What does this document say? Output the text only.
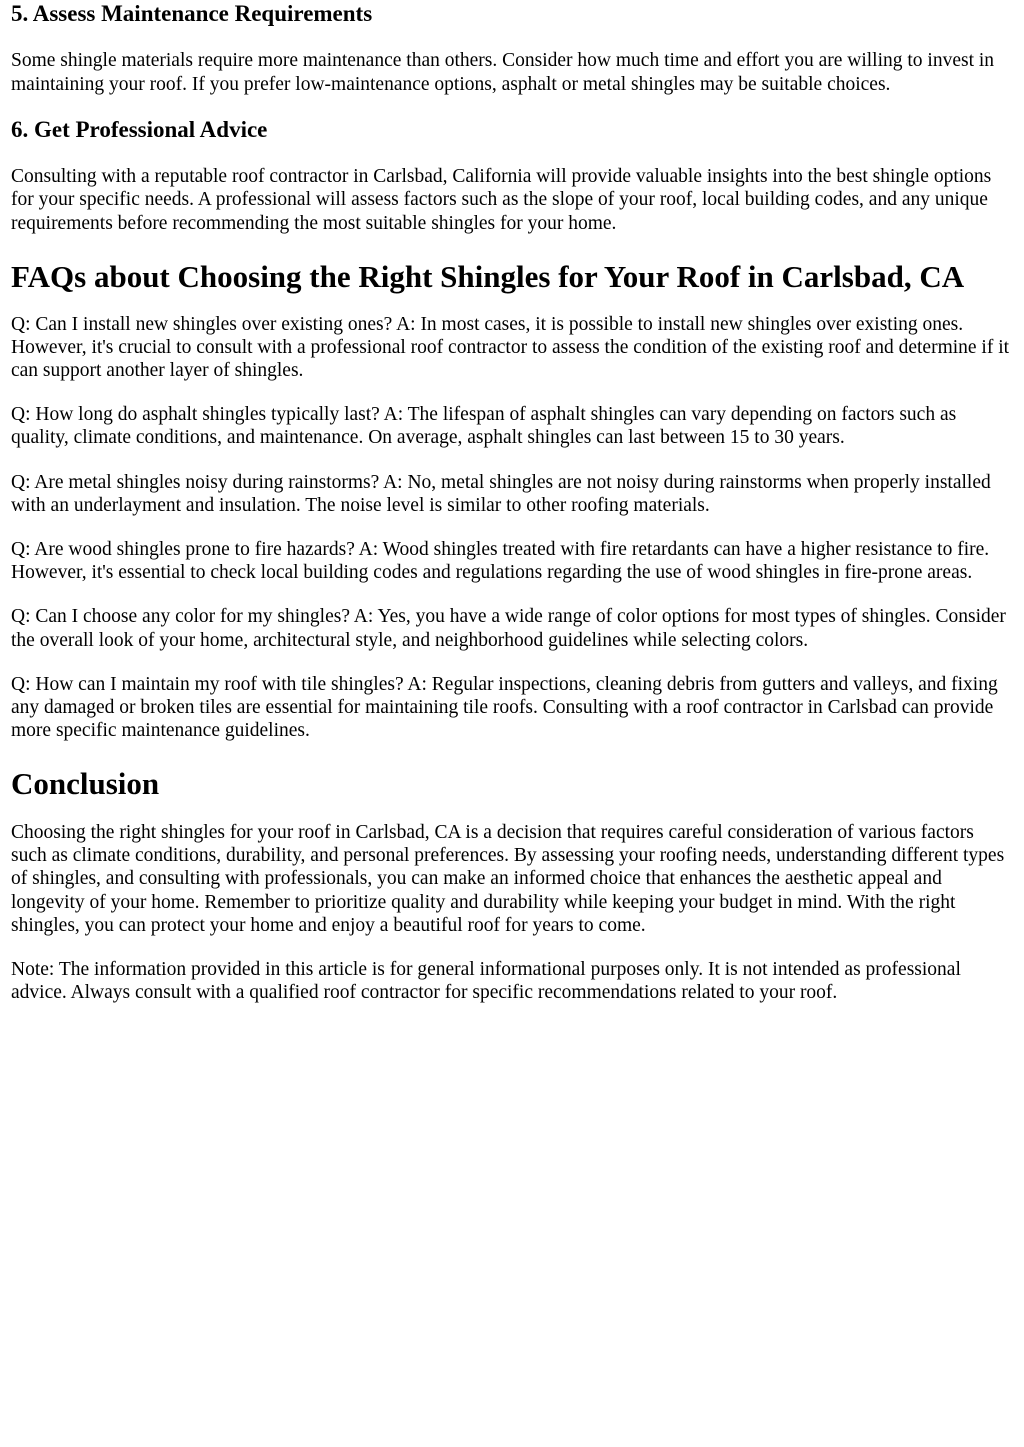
5. Assess Maintenance Requirements

Some shingle materials require more maintenance than others. Consider how much time and effort you are willing to invest in maintaining your roof. If you prefer low-maintenance options, asphalt or metal shingles may be suitable choices.

6. Get Professional Advice

Consulting with a reputable roof contractor in Carlsbad, California will provide valuable insights into the best shingle options for your specific needs. A professional will assess factors such as the slope of your roof, local building codes, and any unique requirements before recommending the most suitable shingles for your home.

FAQs about Choosing the Right Shingles for Your Roof in Carlsbad, CA

Q: Can I install new shingles over existing ones? A: In most cases, it is possible to install new shingles over existing ones. However, it's crucial to consult with a professional roof contractor to assess the condition of the existing roof and determine if it can support another layer of shingles.

Q: How long do asphalt shingles typically last? A: The lifespan of asphalt shingles can vary depending on factors such as quality, climate conditions, and maintenance. On average, asphalt shingles can last between 15 to 30 years.

Q: Are metal shingles noisy during rainstorms? A: No, metal shingles are not noisy during rainstorms when properly installed with an underlayment and insulation. The noise level is similar to other roofing materials.

Q: Are wood shingles prone to fire hazards? A: Wood shingles treated with fire retardants can have a higher resistance to fire. However, it's essential to check local building codes and regulations regarding the use of wood shingles in fire-prone areas.

Q: Can I choose any color for my shingles? A: Yes, you have a wide range of color options for most types of shingles. Consider the overall look of your home, architectural style, and neighborhood guidelines while selecting colors.

Q: How can I maintain my roof with tile shingles? A: Regular inspections, cleaning debris from gutters and valleys, and fixing any damaged or broken tiles are essential for maintaining tile roofs. Consulting with a roof contractor in Carlsbad can provide more specific maintenance guidelines.

Conclusion

Choosing the right shingles for your roof in Carlsbad, CA is a decision that requires careful consideration of various factors such as climate conditions, durability, and personal preferences. By assessing your roofing needs, understanding different types of shingles, and consulting with professionals, you can make an informed choice that enhances the aesthetic appeal and longevity of your home. Remember to prioritize quality and durability while keeping your budget in mind. With the right shingles, you can protect your home and enjoy a beautiful roof for years to come.

Note: The information provided in this article is for general informational purposes only. It is not intended as professional advice. Always consult with a qualified roof contractor for specific recommendations related to your roof.
